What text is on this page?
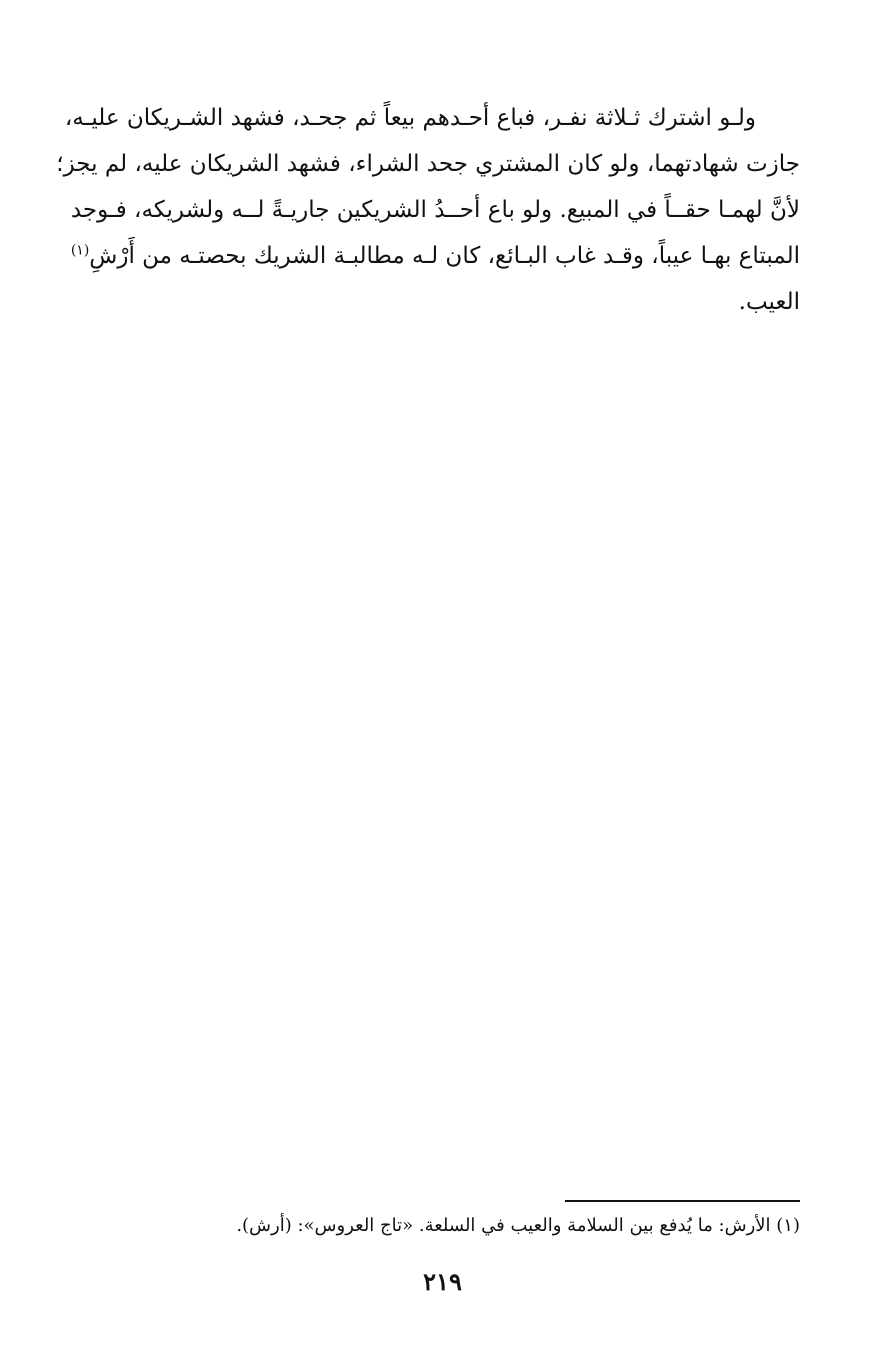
ولـو اشترك ثـلاثة نفـر، فباع أحـدهم بيعاً ثم جحـد، فشهد الشـريكان عليـه،
جازت شهادتهما، ولو كان المشتري جحد الشراء، فشهد الشريكان عليه، لم يجز؛
لأنَّ لهمـا حقــاً في المبيع. ولو باع أحــدُ الشريكين جاريـةً لــه ولشريكه، فـوجد
المبتاع بهـا عيباً، وقـد غاب البـائع، كان لـه مطالبـة الشريك بحصتـه من أَرْشِ$^{(١)}$
العيب.
(١) الأرش: ما يُدفع بين السلامة والعيب في السلعة. «تاج العروس»: (أرش).
٢١٩
